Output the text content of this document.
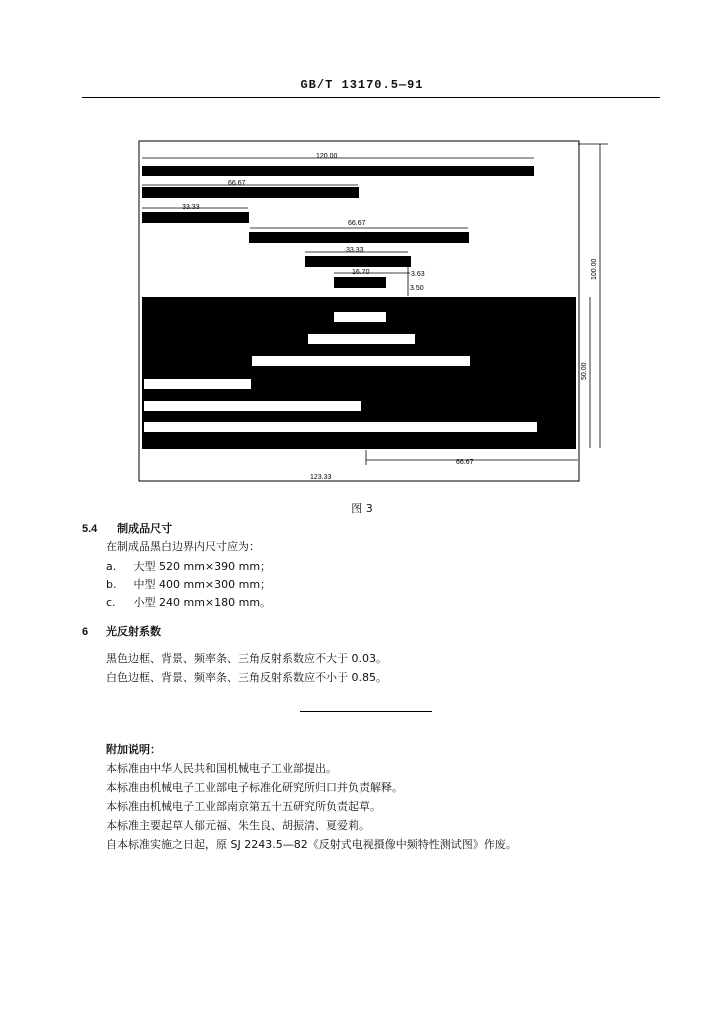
GB/T 13170.5—91
120.00
66.67
33.33
66.67
33.33
16.70	3.63
3.50
100.00
50.00
66.67
123.33
图 3
5.4 制成品尺寸
在制成品黑白边界内尺寸应为：
a. 大型 520 mm×390 mm；
b. 中型 400 mm×300 mm；
c. 小型 240 mm×180 mm。
6 光反射系数
黑色边框、背景、频率条、三角反射系数应不大于 0.03。
白色边框、背景、频率条、三角反射系数应不小于 0.85。
附加说明：
本标准由中华人民共和国机械电子工业部提出。
本标准由机械电子工业部电子标准化研究所归口并负责解释。
本标准由机械电子工业部南京第五十五研究所负责起草。
本标准主要起草人郁元福、朱生良、胡振清、夏爱莉。
自本标准实施之日起，原 SJ 2243.5—82《反射式电视摄像中频特性测试图》作废。
